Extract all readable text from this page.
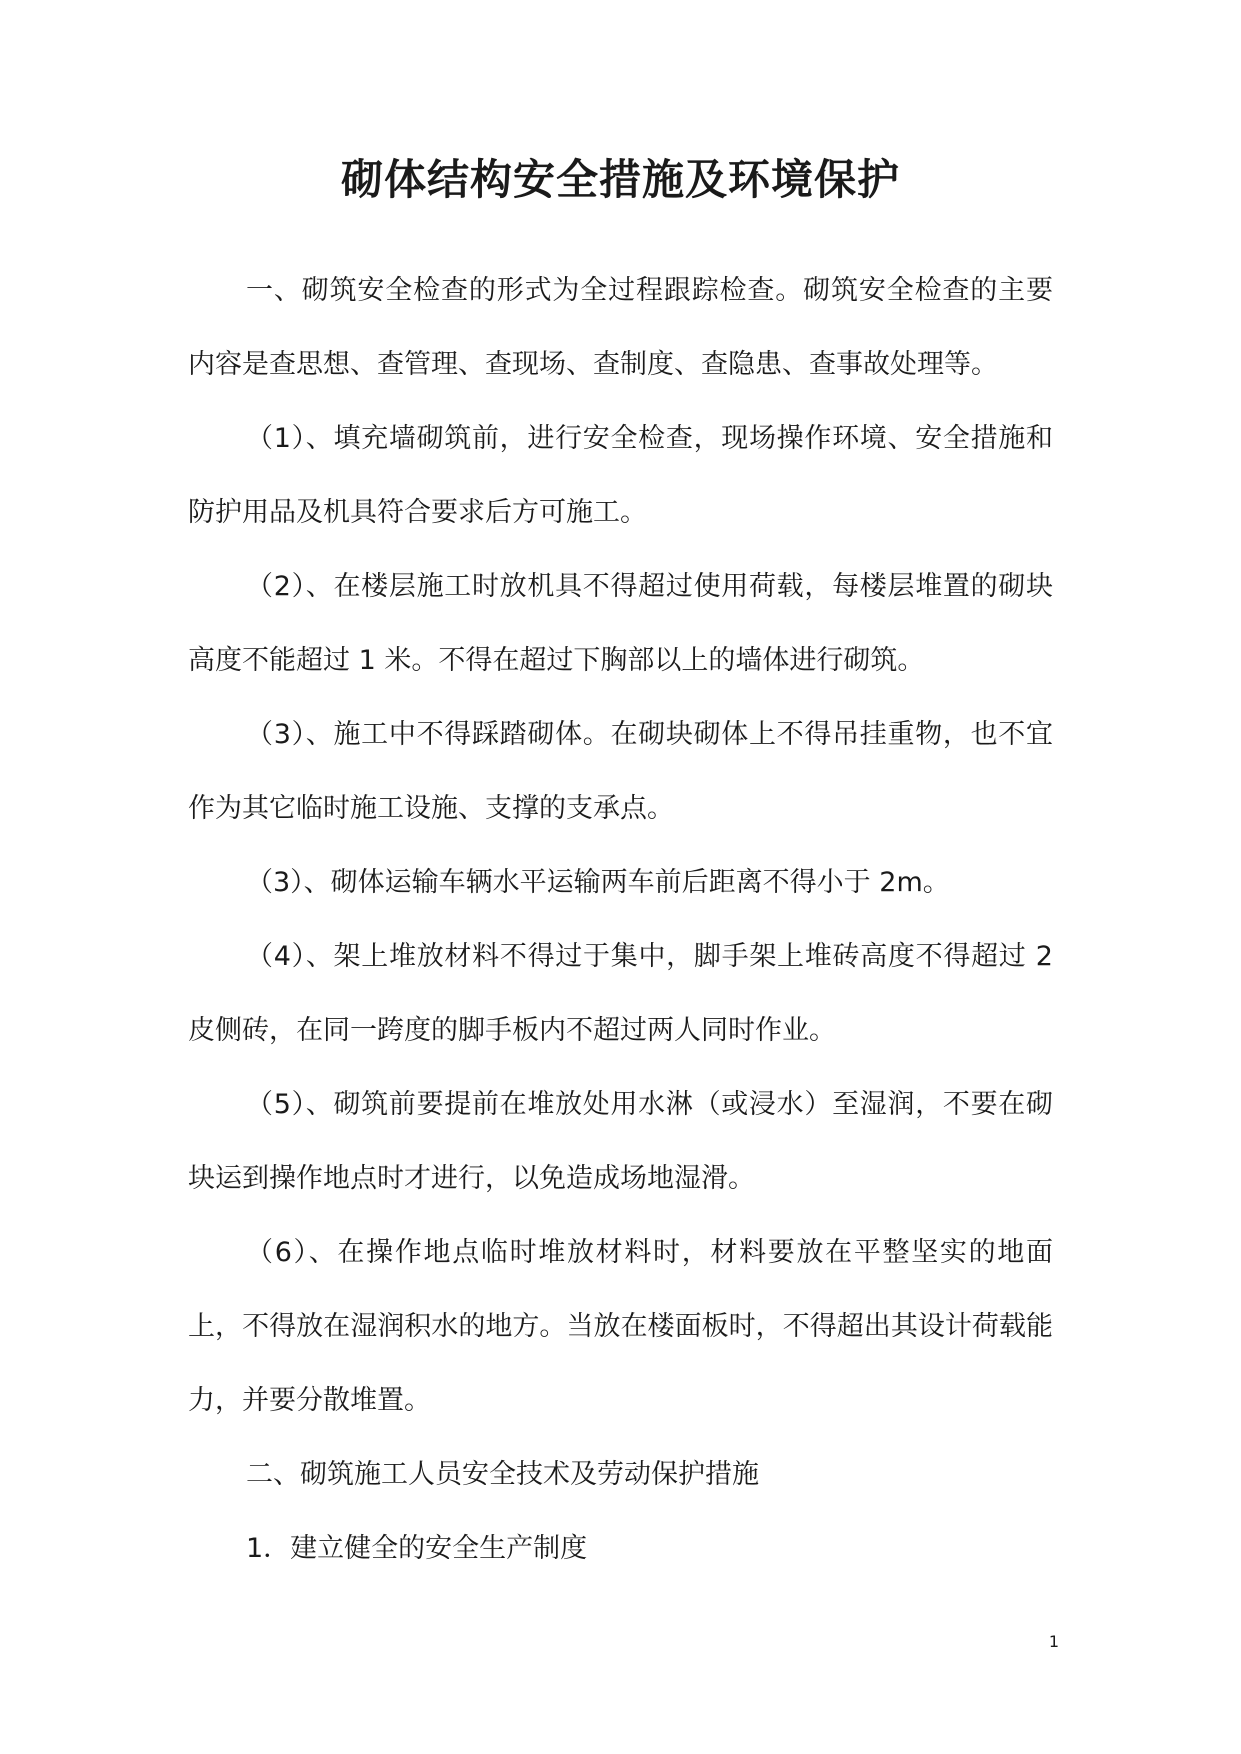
砌体结构安全措施及环境保护

一、砌筑安全检查的形式为全过程跟踪检查。砌筑安全检查的主要内容是查思想、查管理、查现场、查制度、查隐患、查事故处理等。

（1）、填充墙砌筑前，进行安全检查，现场操作环境、安全措施和防护用品及机具符合要求后方可施工。

（2）、在楼层施工时放机具不得超过使用荷载，每楼层堆置的砌块高度不能超过 1 米。不得在超过下胸部以上的墙体进行砌筑。

（3）、施工中不得踩踏砌体。在砌块砌体上不得吊挂重物，也不宜作为其它临时施工设施、支撑的支承点。

（3）、砌体运输车辆水平运输两车前后距离不得小于 2m。

（4）、架上堆放材料不得过于集中，脚手架上堆砖高度不得超过 2 皮侧砖，在同一跨度的脚手板内不超过两人同时作业。

（5）、砌筑前要提前在堆放处用水淋（或浸水）至湿润，不要在砌块运到操作地点时才进行，以免造成场地湿滑。

（6）、在操作地点临时堆放材料时，材料要放在平整坚实的地面上，不得放在湿润积水的地方。当放在楼面板时，不得超出其设计荷载能力，并要分散堆置。

二、砌筑施工人员安全技术及劳动保护措施

1．建立健全的安全生产制度

1
